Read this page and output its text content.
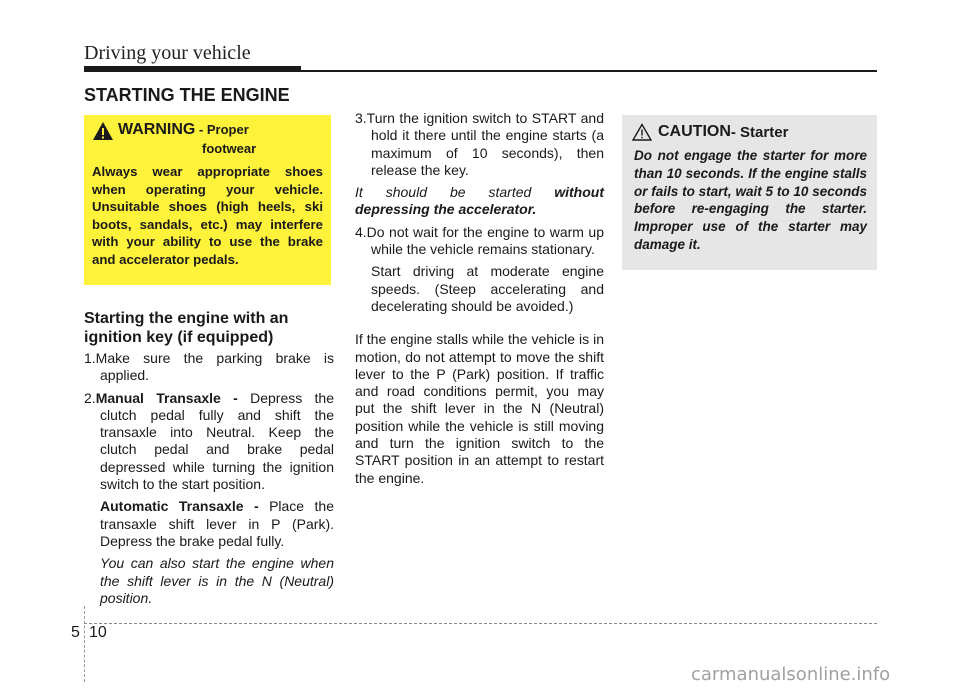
Driving your vehicle
STARTING THE ENGINE
WARNING - Proper
footwear
Always wear appropriate shoes when operating your vehicle. Unsuitable shoes (high heels, ski boots, sandals, etc.) may interfere with your ability to use the brake and accelerator pedals.
Starting the engine with an ignition key (if equipped)
1.Make sure the parking brake is applied.
2.Manual Transaxle - Depress the clutch pedal fully and shift the transaxle into Neutral. Keep the clutch pedal and brake pedal depressed while turning the ignition switch to the start position.
Automatic Transaxle - Place the transaxle shift lever in P (Park). Depress the brake pedal fully.
You can also start the engine when the shift lever is in the N (Neutral) position.
3.Turn the ignition switch to START and hold it there until the engine starts (a maximum of 10 seconds), then release the key.
It should be started without depressing the accelerator.
4.Do not wait for the engine to warm up while the vehicle remains stationary.
Start driving at moderate engine speeds. (Steep accelerating and decelerating should be avoided.)
If the engine stalls while the vehicle is in motion, do not attempt to move the shift lever to the P (Park) position. If traffic and road conditions permit, you may put the shift lever in the N (Neutral) position while the vehicle is still moving and turn the ignition switch to the START position in an attempt to restart the engine.
CAUTION - Starter
Do not engage the starter for more than 10 seconds. If the engine stalls or fails to start, wait 5 to 10 seconds before re-engaging the starter. Improper use of the starter may damage it.
5 10
carmanualsonline.info
